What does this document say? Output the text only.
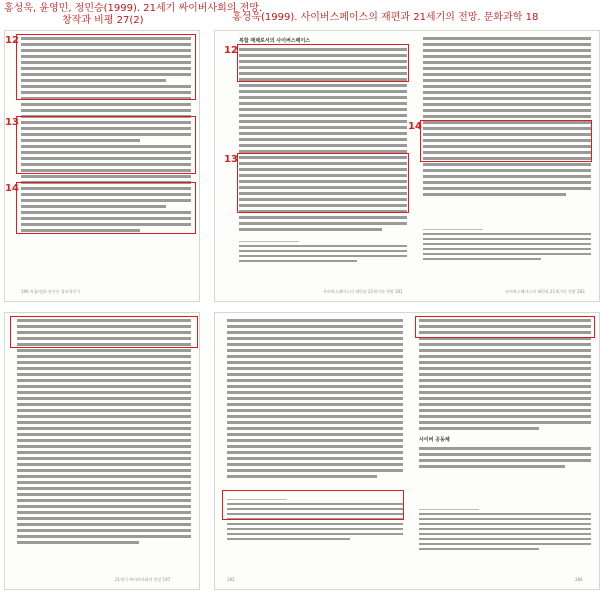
홍성욱, 윤영민, 정민승(1999). 21세기 싸이버사회의 전망.
창작과 비평 27(2)	홍성욱(1999). 사이버스페이스의 재편과 21세기의 전망. 문화과학 18
196 특집/정보·통신은 창조적인가
12
13
14
복합 매체로서의 사이버스페이스
사이버스페이스의 재편과 21세기의 전망 281	사이버스페이스의 재편과 21세기의 전망 283
12
13
14
21세기 싸이버사회의 전망 197	282
사이버 공동체
284
